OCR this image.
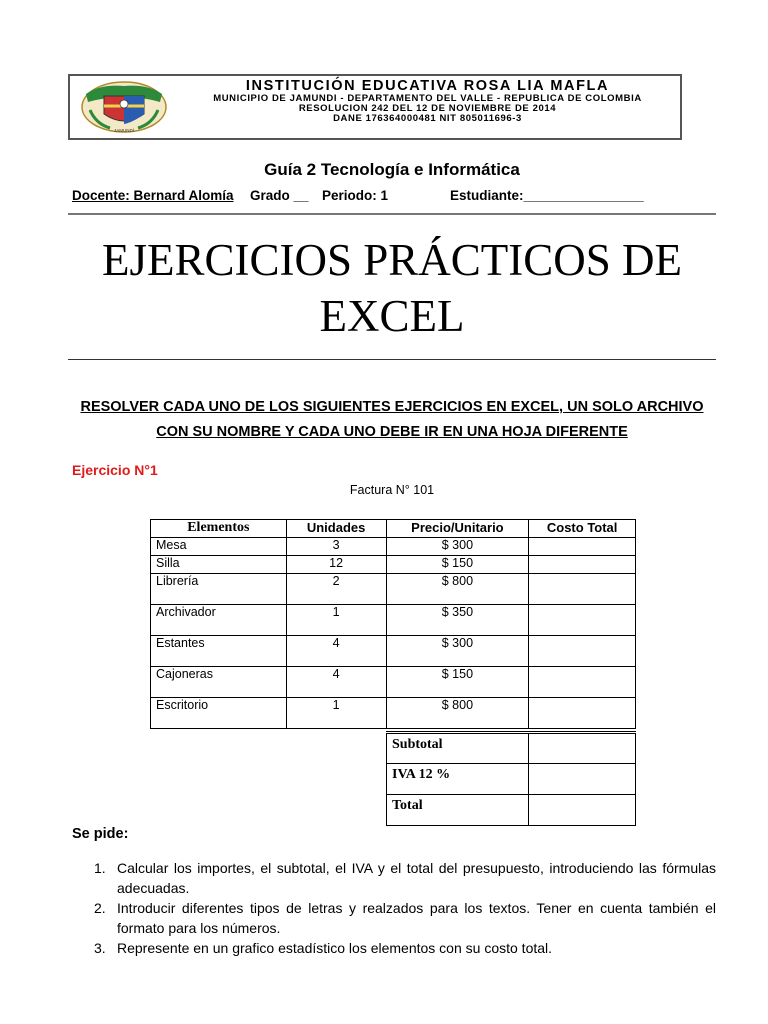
JAMUNDÍ
INSTITUCIÓN EDUCATIVA ROSA LIA MAFLA
MUNICIPIO DE JAMUNDI - DEPARTAMENTO DEL VALLE - REPUBLICA DE COLOMBIA
RESOLUCION 242 DEL 12 DE NOVIEMBRE DE 2014
DANE 176364000481 NIT 805011696-3
Guía 2 Tecnología e Informática
Docente: Bernard Alomía Grado __ Periodo: 1	Estudiante:________________
EJERCICIOS PRÁCTICOS DE
EXCEL
RESOLVER CADA UNO DE LOS SIGUIENTES EJERCICIOS EN EXCEL, UN SOLO ARCHIVO
CON SU NOMBRE Y CADA UNO DEBE IR EN UNA HOJA DIFERENTE
Ejercicio N°1
Factura N° 101
Elementos	Unidades	Precio/Unitario	Costo Total
Mesa	3	$ 300	
Silla	12	$ 150	
Librería	2	$ 800	
Archivador	1	$ 350	
Estantes	4	$ 300	
Cajoneras	4	$ 150	
Escritorio	1	$ 800	
Subtotal	
IVA 12 %	
Total	
Se pide:
1. Calcular los importes, el subtotal, el IVA y el total del presupuesto, introduciendo las fórmulas adecuadas.
2. Introducir diferentes tipos de letras y realzados para los textos. Tener en cuenta también el formato para los números.
3. Represente en un grafico estadístico los elementos con su costo total.
